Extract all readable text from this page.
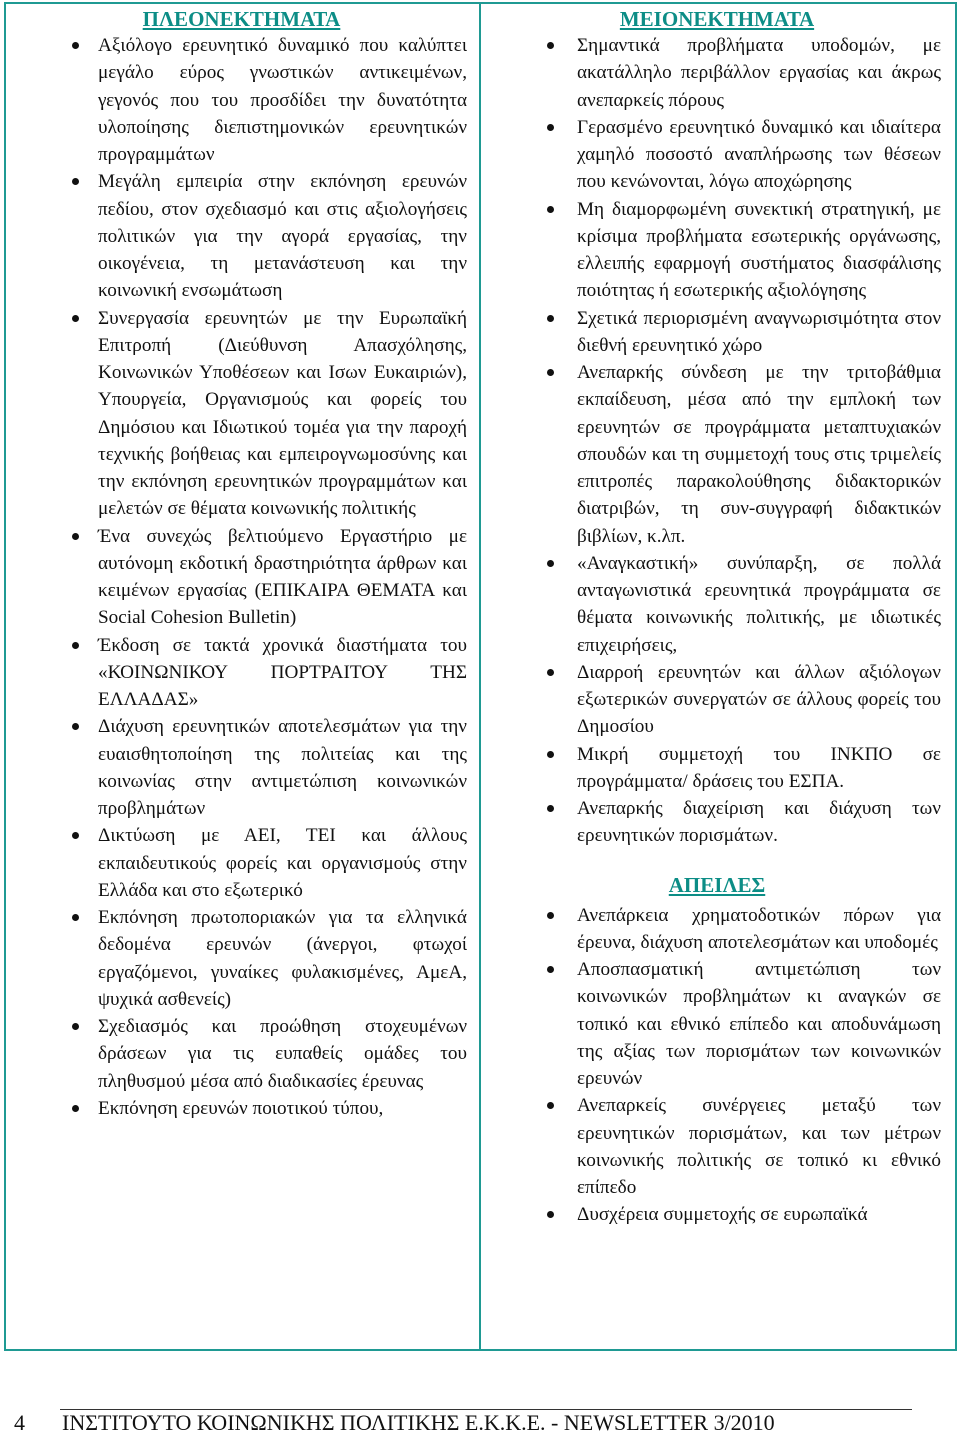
ΠΛΕΟΝΕΚΤΗΜΑΤΑ
Αξιόλογο ερευνητικό δυναμικό που καλύπτει μεγάλο εύρος γνωστικών αντικειμένων, γεγονός που του προσδίδει την δυνατότητα υλοποίησης διεπιστημονικών ερευνητικών προγραμμάτων
Μεγάλη εμπειρία στην εκπόνηση ερευνών πεδίου, στον σχεδιασμό και στις αξιολογήσεις πολιτικών για την αγορά εργασίας, την οικογένεια, τη μετανάστευση και την κοινωνική ενσωμάτωση
Συνεργασία ερευνητών με την Ευρωπαϊκή Επιτροπή (Διεύθυνση Απασχόλησης, Κοινωνικών Υποθέσεων και Ισων Ευκαιριών), Υπουργεία, Οργανισμούς και φορείς του Δημόσιου και Ιδιωτικού τομέα για την παροχή τεχνικής βοήθειας και εμπειρογνωμοσύνης και την εκπόνηση ερευνητικών προγραμμάτων και μελετών σε θέματα κοινωνικής πολιτικής
Ένα συνεχώς βελτιούμενο Εργαστήριο με αυτόνομη εκδοτική δραστηριότητα άρθρων και κειμένων εργασίας (ΕΠΙΚΑΙΡΑ ΘΕΜΑΤΑ και Social Cohesion Bulletin)
Έκδοση σε τακτά χρονικά διαστήματα του «ΚΟΙΝΩΝΙΚΟΥ ΠΟΡΤΡΑΙΤΟΥ ΤΗΣ ΕΛΛΑΔΑΣ»
Διάχυση ερευνητικών αποτελεσμάτων για την ευαισθητοποίηση της πολιτείας και της κοινωνίας στην αντιμετώπιση κοινωνικών προβλημάτων
Δικτύωση με ΑΕΙ, ΤΕΙ και άλλους εκπαιδευτικούς φορείς και οργανισμούς στην Ελλάδα και στο εξωτερικό
Εκπόνηση πρωτοποριακών για τα ελληνικά δεδομένα ερευνών (άνεργοι, φτωχοί εργαζόμενοι, γυναίκες φυλακισμένες, ΑμεΑ, ψυχικά ασθενείς)
Σχεδιασμός και προώθηση στοχευμένων δράσεων για τις ευπαθείς ομάδες του πληθυσμού μέσα από διαδικασίες έρευνας
Εκπόνηση ερευνών ποιοτικού τύπου,
ΜΕΙΟΝΕΚΤΗΜΑΤΑ
Σημαντικά προβλήματα υποδομών, με ακατάλληλο περιβάλλον εργασίας και άκρως ανεπαρκείς πόρους
Γερασμένο ερευνητικό δυναμικό και ιδιαίτερα χαμηλό ποσοστό αναπλήρωσης των θέσεων που κενώνονται, λόγω αποχώρησης
Μη διαμορφωμένη συνεκτική στρατηγική, με κρίσιμα προβλήματα εσωτερικής οργάνωσης, ελλειπής εφαρμογή συστήματος διασφάλισης ποιότητας ή εσωτερικής αξιολόγησης
Σχετικά περιορισμένη αναγνωρισιμότητα στον διεθνή ερευνητικό χώρο
Ανεπαρκής σύνδεση με την τριτοβάθμια εκπαίδευση, μέσα από την εμπλοκή των ερευνητών σε προγράμματα μεταπτυχιακών σπουδών και τη συμμετοχή τους στις τριμελείς επιτροπές παρακολούθησης διδακτορικών διατριβών, τη συν-συγγραφή διδακτικών βιβλίων, κ.λπ.
«Αναγκαστική» συνύπαρξη, σε πολλά ανταγωνιστικά ερευνητικά προγράμματα σε θέματα κοινωνικής πολιτικής, με ιδιωτικές επιχειρήσεις,
Διαρροή ερευνητών και άλλων αξιόλογων εξωτερικών συνεργατών σε άλλους φορείς του Δημοσίου
Μικρή συμμετοχή του ΙΝΚΠΟ σε προγράμματα/ δράσεις του ΕΣΠΑ.
Ανεπαρκής διαχείριση και διάχυση των ερευνητικών πορισμάτων.
ΑΠΕΙΛΕΣ
Ανεπάρκεια χρηματοδοτικών πόρων για έρευνα, διάχυση αποτελεσμάτων και υποδομές
Αποσπασματική αντιμετώπιση των κοινωνικών προβλημάτων κι αναγκών σε τοπικό και εθνικό επίπεδο και αποδυνάμωση της αξίας των πορισμάτων των κοινωνικών ερευνών
Ανεπαρκείς συνέργειες μεταξύ των ερευνητικών πορισμάτων, και των μέτρων κοινωνικής πολιτικής σε τοπικό κι εθνικό επίπεδο
Δυσχέρεια συμμετοχής σε ευρωπαϊκά
4 ΙΝΣΤΙΤΟΥΤΟ ΚΟΙΝΩΝΙΚΗΣ ΠΟΛΙΤΙΚΗΣ Ε.Κ.Κ.Ε. - NEWSLETTER 3/2010
